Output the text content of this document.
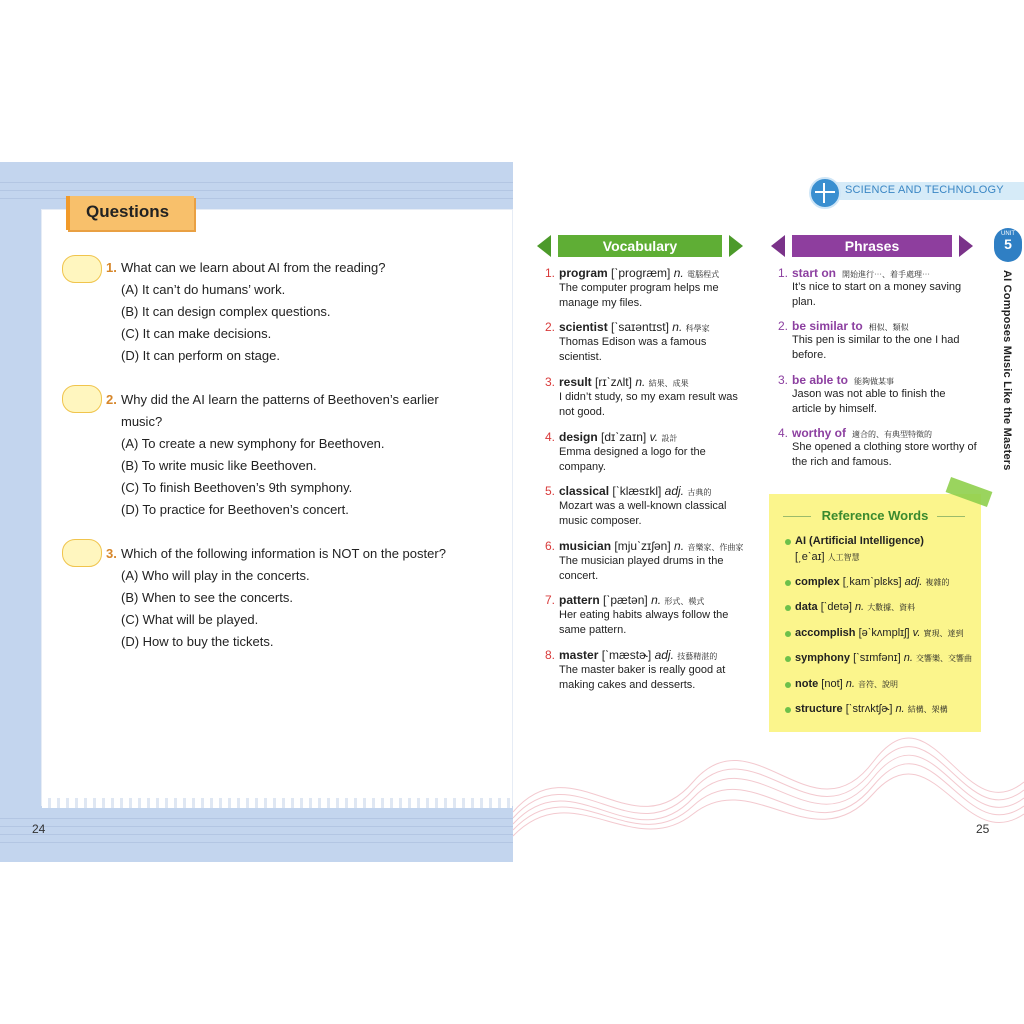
Questions
1. What can we learn about AI from the reading?
(A) It can’t do humans’ work.
(B) It can design complex questions.
(C) It can make decisions.
(D) It can perform on stage.
2. Why did the AI learn the patterns of Beethoven’s earlier
music?
(A) To create a new symphony for Beethoven.
(B) To write music like Beethoven.
(C) To finish Beethoven’s 9th symphony.
(D) To practice for Beethoven’s concert.
3. Which of the following information is NOT on the poster?
(A) Who will play in the concerts.
(B) When to see the concerts.
(C) What will be played.
(D) How to buy the tickets.
24
SCIENCE AND TECHNOLOGY
UNIT
5
AI Composes Music Like the Masters
Vocabulary	Phrases
1. program [ˋprogræm] n. 電腦程式
The computer program helps me manage my files.
2. scientist [ˋsaɪəntɪst] n. 科學家
Thomas Edison was a famous scientist.
3. result [rɪˋzʌlt] n. 結果、成果
I didn’t study, so my exam result was not good.
4. design [dɪˋzaɪn] v. 設計
Emma designed a logo for the company.
5. classical [ˋklæsɪkl] adj. 古典的
Mozart was a well-known classical music composer.
6. musician [mjuˋzɪʃən] n. 音樂家、作曲家
The musician played drums in the concert.
7. pattern [ˋpætən] n. 形式、模式
Her eating habits always follow the same pattern.
8. master [ˋmæstɚ] adj. 技藝精湛的
The master baker is really good at making cakes and desserts.
1. start on 開始進行⋯、着手處理⋯
It’s nice to start on a money saving plan.
2. be similar to 相似、類似
This pen is similar to the one I had before.
3. be able to 能夠做某事
Jason was not able to finish the article by himself.
4. worthy of 適合的、有典型特徵的
She opened a clothing store worthy of the rich and famous.
Reference Words
AI (Artificial Intelligence)
[͵eˋaɪ] 人工智慧
complex [͵kamˋplɛks] adj. 複雜的
data [ˋdetə] n. 大數據、資料
accomplish [əˋkʌmplɪʃ] v. 實現、達到
symphony [ˋsɪmfənɪ] n. 交響樂、交響曲
note [not] n. 音符、說明
structure [ˋstrʌktʃɚ] n. 結構、架構
25
